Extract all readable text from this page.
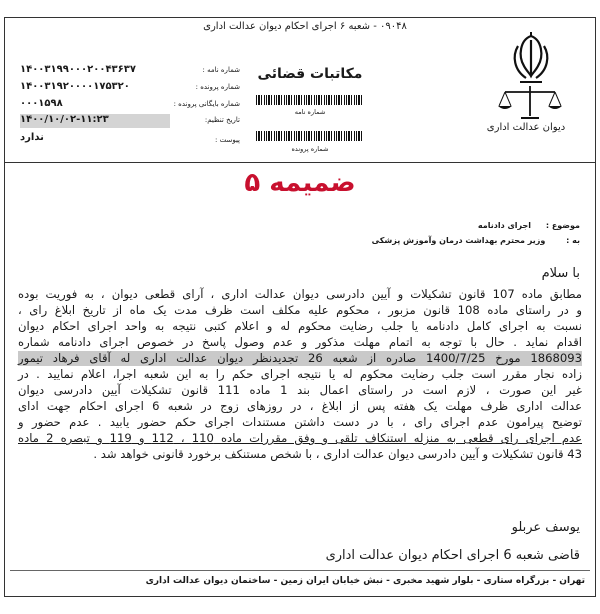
۰۹۰۴۸ - شعبه ۶ اجرای احکام دیوان عدالت اداری
دیوان عدالت اداری
مکاتبات قضائی
شماره نامه
شماره پرونده
شماره نامه :
۱۴۰۰۳۱۹۹۰۰۰۲۰۰۴۳۶۳۷
شماره پرونده :
۱۴۰۰۳۱۹۲۰۰۰۰۱۷۵۳۲۰
شماره بایگانی پرونده :
۰۰۰۱۵۹۸
تاریخ تنظیم:
۱۴۰۰/۱۰/۰۲-۱۱:۲۳
پیوست :
ندارد
ضمیمه ۵
موضوع : اجرای دادنامه
به : وزیر محترم بهداشت درمان وآموزش پزشکی
با سلام
مطابق ماده 107 قانون تشکیلات و آیین دادرسی دیوان عدالت اداری ، آرای قطعی دیوان ، به فوریت بوده
و در راستای ماده 108 قانون مزبور ، محکوم علیه مکلف است ظرف مدت یک ماه از تاریخ ابلاغ رای ،
نسبت به اجرای کامل دادنامه یا جلب رضایت محکوم له و اعلام کتبی نتیجه به واحد اجرای احکام دیوان
اقدام نماید . حال با توجه به اتمام مهلت مذکور و عدم وصول پاسخ در خصوص اجرای دادنامه شماره
1868093 مورخ 1400/7/25 صادره از شعبه 26 تجدیدنظر دیوان عدالت اداری له آقای فرهاد تیمور
زاده نجار مقرر است جلب رضایت محکوم له یا نتیجه اجرای حکم را به این شعبه اجرا، اعلام نمایید . در
غیر این صورت ، لازم است در راستای اعمال بند 1 ماده 111 قانون تشکیلات آیین دادرسی دیوان
عدالت اداری ظرف مهلت یک هفته پس از ابلاغ ، در روزهای زوج در شعبه 6 اجرای احکام جهت ادای
توضیح پیرامون عدم اجرای رای ، با در دست داشتن مستندات اجرای حکم حضور یابید . عدم حضور و
عدم اجرای رای قطعی به منزله استنکاف تلقی و وفق مقررات ماده 110 ، 112 و 119 و تبصره 2 ماده
43 قانون تشکیلات و آیین دادرسی دیوان عدالت اداری ، با شخص مستنکف برخورد قانونی خواهد شد .
یوسف عربلو
قاضی شعبه 6 اجرای احکام دیوان عدالت اداری
تهران - بزرگراه ستاری - بلوار شهید مخبری - نبش خیابان ایران زمین - ساختمان دیوان عدالت اداری
